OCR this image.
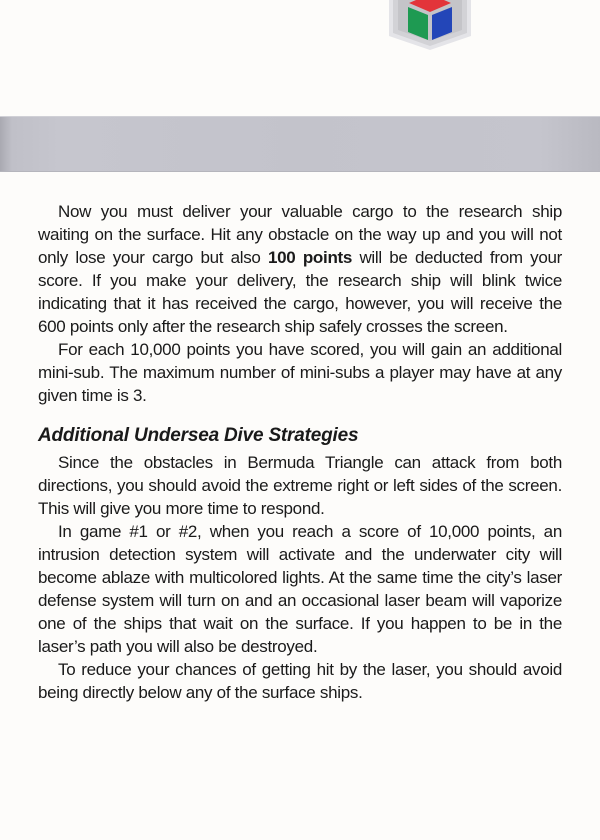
Now you must deliver your valuable cargo to the research ship waiting on the surface. Hit any obstacle on the way up and you will not only lose your cargo but also 100 points will be deducted from your score. If you make your delivery, the research ship will blink twice indicating that it has received the cargo, however, you will receive the 600 points only after the research ship safely crosses the screen.

For each 10,000 points you have scored, you will gain an additional mini-sub. The maximum number of mini-subs a player may have at any given time is 3.

Additional Undersea Dive Strategies

Since the obstacles in Bermuda Triangle can attack from both directions, you should avoid the extreme right or left sides of the screen. This will give you more time to respond.

In game #1 or #2, when you reach a score of 10,000 points, an intrusion detection system will activate and the underwater city will become ablaze with multicolored lights. At the same time the city’s laser defense system will turn on and an occasional laser beam will vaporize one of the ships that wait on the surface. If you happen to be in the laser’s path you will also be destroyed.

To reduce your chances of getting hit by the laser, you should avoid being directly below any of the surface ships.
